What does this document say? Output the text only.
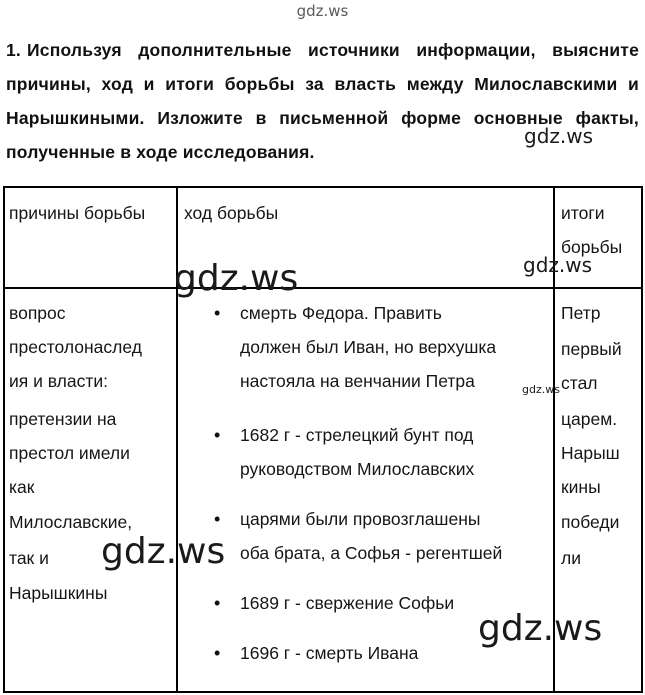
gdz.ws
1. Используя дополнительные источники информации, выясните причины, ход и итоги борьбы за власть между Милославскими и Нарышкиными. Изложите в письменной форме основные факты, полученные в ходе исследования.
причины борьбы	ход борьбы	итоги
борьбы
вопрос
престолонаслед
ия и власти:
претензии на
престол имели
как
Милославские,
так и
Нарышкины
•
•
•
•
•
смерть Федора. Править
должен был Иван, но верхушка
настояла на венчании Петра
1682 г - стрелецкий бунт под
руководством Милославских
царями были провозглашены
оба брата, а Софья - регентшей
1689 г - свержение Софьи
1696 г - смерть Ивана
Петр
первый
стал
царем.
Нарыш
кины
победи
ли
gdz.ws
gdz.ws
gdz.ws
gdz.ws
gdz.ws
gdz.ws
